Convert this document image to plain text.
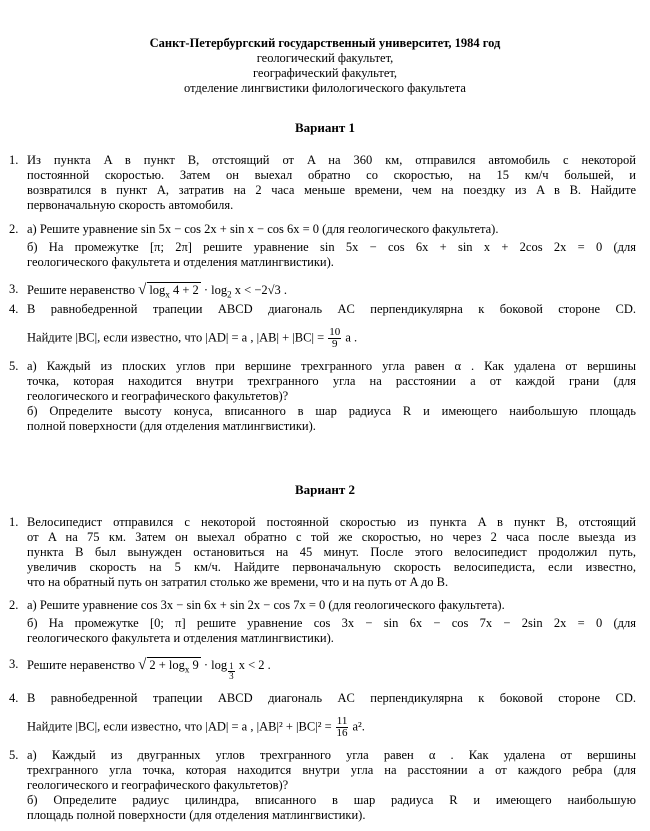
Санкт-Петербургский государственный университет, 1984 год
геологический факультет,
географический факультет,
отделение лингвистики филологического факультета
Вариант 1
1. Из пункта A в пункт B, отстоящий от A на 360 км, отправился автомобиль с некоторой
постоянной скоростью. Затем он выехал обратно со скоростью, на 15 км/ч большей, и
возвратился в пункт A, затратив на 2 часа меньше времени, чем на поездку из A в B. Найдите
первоначальную скорость автомобиля.
2. а) Решите уравнение sin 5x − cos 2x + sin x − cos 6x = 0 (для геологического факультета).
б) На промежутке [π; 2π] решите уравнение sin 5x − cos 6x + sin x + 2cos 2x = 0 (для
геологического факультета и отделения матлингвистики).
3. Решите неравенство √ $\log_x 4 + 2 \cdot \log_2 x < -2√3$ .
4. В равнобедренной трапеции ABCD диагональ AC перпендикулярна к боковой стороне CD.
Найдите |BC|, если известно, что |AD| = a , $|AB| + |BC| = \frac{10}{9}$ a .
5. а) Каждый из плоских углов при вершине трехгранного угла равен α . Как удалена от вершины
точка, которая находится внутри трехгранного угла на расстоянии a от каждой грани (для
геологического и географического факультетов)?
б) Определите высоту конуса, вписанного в шар радиуса R и имеющего наибольшую площадь
полной поверхности (для отделения матлингвистики).
Вариант 2
1. Велосипедист отправился с некоторой постоянной скоростью из пункта A в пункт B, отстоящий
от A на 75 км. Затем он выехал обратно с той же скоростью, но через 2 часа после выезда из
пункта B был вынужден остановиться на 45 минут. После этого велосипедист продолжил путь,
увеличив скорость на 5 км/ч. Найдите первоначальную скорость велосипедиста, если известно,
что на обратный путь он затратил столько же времени, что и на путь от A до B.
2. а) Решите уравнение cos 3x − sin 6x + sin 2x − cos 7x = 0 (для геологического факультета).
б) На промежутке [0; π] решите уравнение cos 3x − sin 6x − cos 7x − 2sin 2x = 0 (для
геологического факультета и отделения матлингвистики).
3. Решите неравенство √ $2 + \log_x 9 \cdot \log \frac{1}{3}$ x < 2 .
4. В равнобедренной трапеции ABCD диагональ AC перпендикулярна к боковой стороне CD.
Найдите |BC|, если известно, что |AD| = a , $|AB|^2 + |BC|^2 = \frac{11}{16} a^2$.
5. а) Каждый из двугранных углов трехгранного угла равен α . Как удалена от вершины
трехгранного угла точка, которая находится внутри угла на расстоянии a от каждого ребра (для
геологического и географического факультетов)?
б) Определите радиус цилиндра, вписанного в шар радиуса R и имеющего наибольшую
площадь полной поверхности (для отделения матлингвистики).
